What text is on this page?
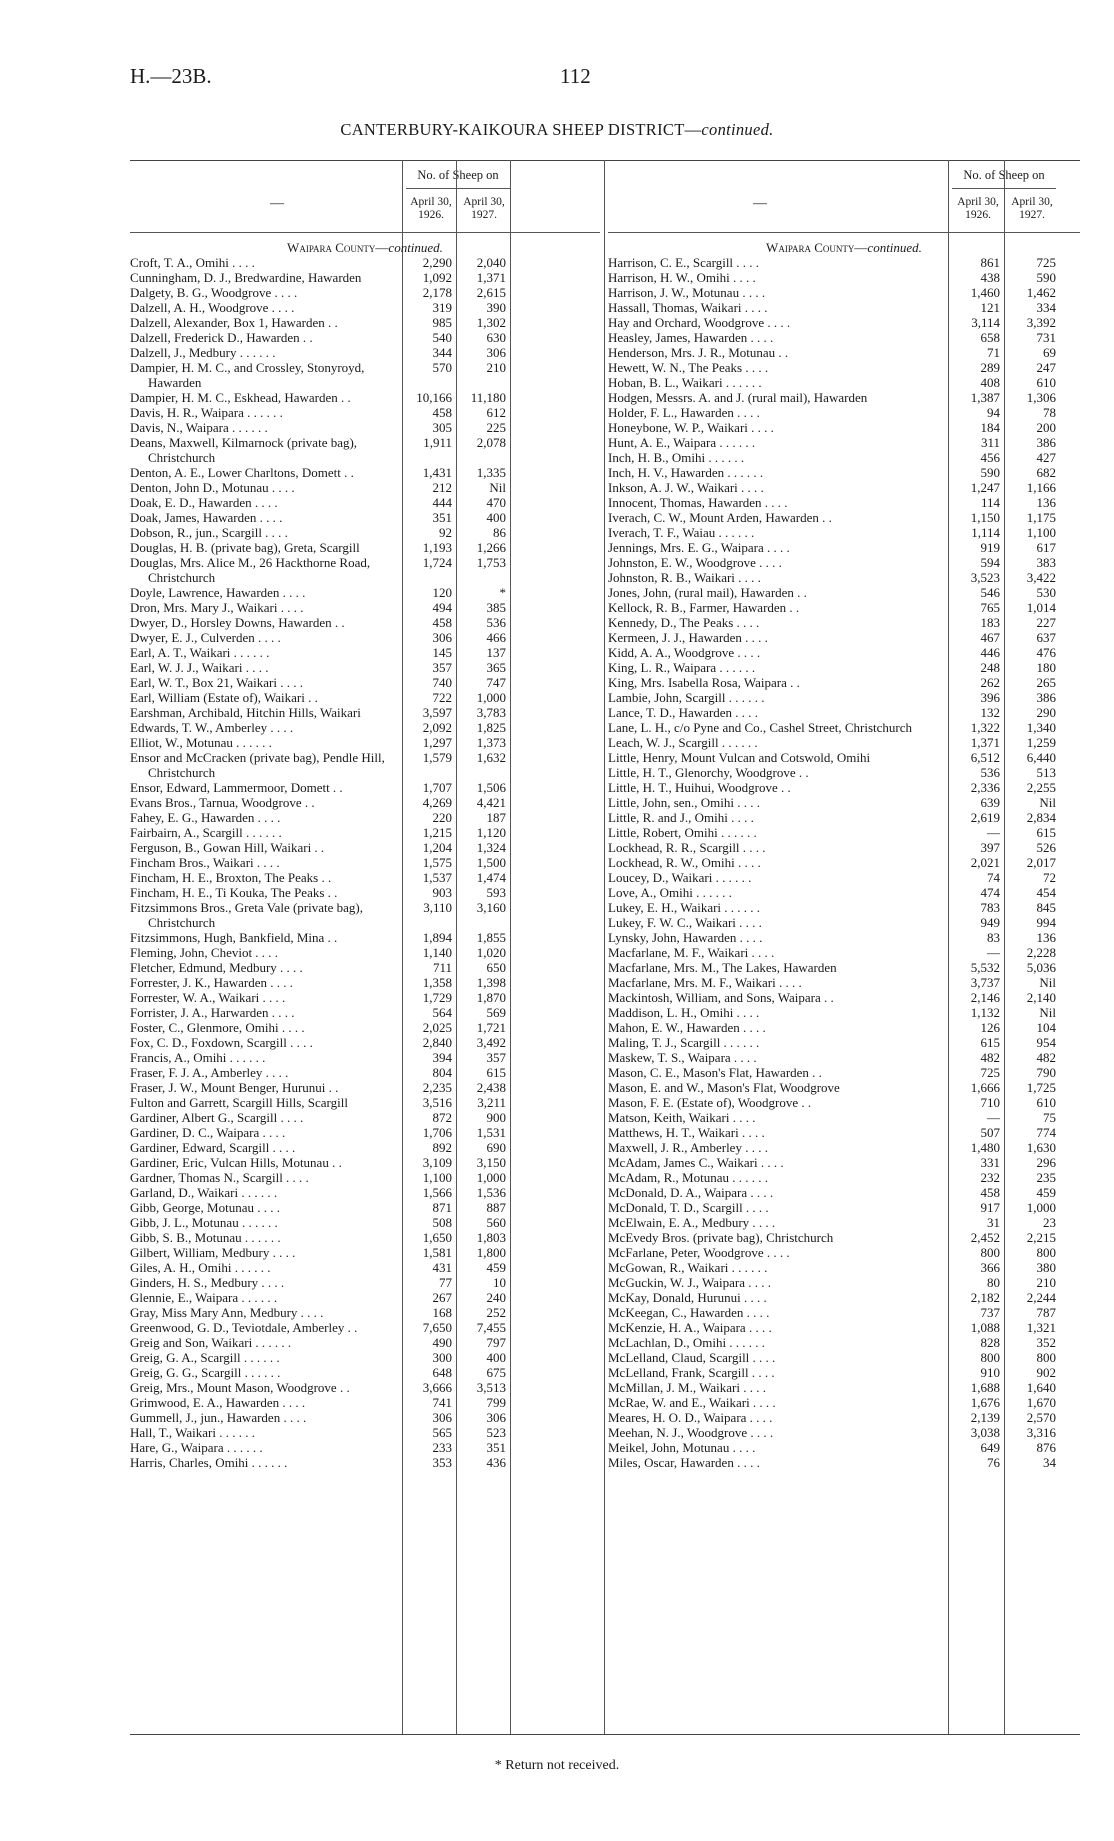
H.—23B.	112
CANTERBURY-KAIKOURA SHEEP DISTRICT—continued.
—
No. of Sheep on
April 30, 1926.
April 30, 1927.
Waipara County—continued.
Croft, T. A., Omihi . . . .	2,290	2,040
Cunningham, D. J., Bredwardine, Hawarden	1,092	1,371
Dalgety, B. G., Woodgrove . . . .	2,178	2,615
Dalzell, A. H., Woodgrove . . . .	319	390
Dalzell, Alexander, Box 1, Hawarden . .	985	1,302
Dalzell, Frederick D., Hawarden . .	540	630
Dalzell, J., Medbury . . . . . .	344	306
Dampier, H. M. C., and Crossley, Stonyroyd, Hawarden
570	210
Dampier, H. M. C., Eskhead, Hawarden . .	10,166	11,180
Davis, H. R., Waipara . . . . . .	458	612
Davis, N., Waipara . . . . . .	305	225
Deans, Maxwell, Kilmarnock (private bag), Christchurch
1,911	2,078
Denton, A. E., Lower Charltons, Domett . .	1,431	1,335
Denton, John D., Motunau . . . .	212	Nil
Doak, E. D., Hawarden . . . .	444	470
Doak, James, Hawarden . . . .	351	400
Dobson, R., jun., Scargill . . . .	92	86
Douglas, H. B. (private bag), Greta, Scargill	1,193	1,266
Douglas, Mrs. Alice M., 26 Hackthorne Road, Christchurch
1,724	1,753
Doyle, Lawrence, Hawarden . . . .	120	*
Dron, Mrs. Mary J., Waikari . . . .	494	385
Dwyer, D., Horsley Downs, Hawarden . .	458	536
Dwyer, E. J., Culverden . . . .	306	466
Earl, A. T., Waikari . . . . . .	145	137
Earl, W. J. J., Waikari . . . .	357	365
Earl, W. T., Box 21, Waikari . . . .	740	747
Earl, William (Estate of), Waikari . .	722	1,000
Earshman, Archibald, Hitchin Hills, Waikari	3,597	3,783
Edwards, T. W., Amberley . . . .	2,092	1,825
Elliot, W., Motunau . . . . . .	1,297	1,373
Ensor and McCracken (private bag), Pendle Hill, Christchurch
1,579	1,632
Ensor, Edward, Lammermoor, Domett . .	1,707	1,506
Evans Bros., Tarnua, Woodgrove . .	4,269	4,421
Fahey, E. G., Hawarden . . . .	220	187
Fairbairn, A., Scargill . . . . . .	1,215	1,120
Ferguson, B., Gowan Hill, Waikari . .	1,204	1,324
Fincham Bros., Waikari . . . .	1,575	1,500
Fincham, H. E., Broxton, The Peaks . .	1,537	1,474
Fincham, H. E., Ti Kouka, The Peaks . .	903	593
Fitzsimmons Bros., Greta Vale (private bag), Christchurch
3,110	3,160
Fitzsimmons, Hugh, Bankfield, Mina . .	1,894	1,855
Fleming, John, Cheviot . . . .	1,140	1,020
Fletcher, Edmund, Medbury . . . .	711	650
Forrester, J. K., Hawarden . . . .	1,358	1,398
Forrester, W. A., Waikari . . . .	1,729	1,870
Forrister, J. A., Harwarden . . . .	564	569
Foster, C., Glenmore, Omihi . . . .	2,025	1,721
Fox, C. D., Foxdown, Scargill . . . .	2,840	3,492
Francis, A., Omihi . . . . . .	394	357
Fraser, F. J. A., Amberley . . . .	804	615
Fraser, J. W., Mount Benger, Hurunui . .	2,235	2,438
Fulton and Garrett, Scargill Hills, Scargill	3,516	3,211
Gardiner, Albert G., Scargill . . . .	872	900
Gardiner, D. C., Waipara . . . .	1,706	1,531
Gardiner, Edward, Scargill . . . .	892	690
Gardiner, Eric, Vulcan Hills, Motunau . .	3,109	3,150
Gardner, Thomas N., Scargill . . . .	1,100	1,000
Garland, D., Waikari . . . . . .	1,566	1,536
Gibb, George, Motunau . . . .	871	887
Gibb, J. L., Motunau . . . . . .	508	560
Gibb, S. B., Motunau . . . . . .	1,650	1,803
Gilbert, William, Medbury . . . .	1,581	1,800
Giles, A. H., Omihi . . . . . .	431	459
Ginders, H. S., Medbury . . . .	77	10
Glennie, E., Waipara . . . . . .	267	240
Gray, Miss Mary Ann, Medbury . . . .	168	252
Greenwood, G. D., Teviotdale, Amberley . .	7,650	7,455
Greig and Son, Waikari . . . . . .	490	797
Greig, G. A., Scargill . . . . . .	300	400
Greig, G. G., Scargill . . . . . .	648	675
Greig, Mrs., Mount Mason, Woodgrove . .	3,666	3,513
Grimwood, E. A., Hawarden . . . .	741	799
Gummell, J., jun., Hawarden . . . .	306	306
Hall, T., Waikari . . . . . .	565	523
Hare, G., Waipara . . . . . .	233	351
Harris, Charles, Omihi . . . . . .	353	436
—
No. of Sheep on
April 30, 1926.
April 30, 1927.
Waipara County—continued.
Harrison, C. E., Scargill . . . .	861	725
Harrison, H. W., Omihi . . . .	438	590
Harrison, J. W., Motunau . . . .	1,460	1,462
Hassall, Thomas, Waikari . . . .	121	334
Hay and Orchard, Woodgrove . . . .	3,114	3,392
Heasley, James, Hawarden . . . .	658	731
Henderson, Mrs. J. R., Motunau . .	71	69
Hewett, W. N., The Peaks . . . .	289	247
Hoban, B. L., Waikari . . . . . .	408	610
Hodgen, Messrs. A. and J. (rural mail), Hawarden	1,387	1,306
Holder, F. L., Hawarden . . . .	94	78
Honeybone, W. P., Waikari . . . .	184	200
Hunt, A. E., Waipara . . . . . .	311	386
Inch, H. B., Omihi . . . . . .	456	427
Inch, H. V., Hawarden . . . . . .	590	682
Inkson, A. J. W., Waikari . . . .	1,247	1,166
Innocent, Thomas, Hawarden . . . .	114	136
Iverach, C. W., Mount Arden, Hawarden . .	1,150	1,175
Iverach, T. F., Waiau . . . . . .	1,114	1,100
Jennings, Mrs. E. G., Waipara . . . .	919	617
Johnston, E. W., Woodgrove . . . .	594	383
Johnston, R. B., Waikari . . . .	3,523	3,422
Jones, John, (rural mail), Hawarden . .	546	530
Kellock, R. B., Farmer, Hawarden . .	765	1,014
Kennedy, D., The Peaks . . . .	183	227
Kermeen, J. J., Hawarden . . . .	467	637
Kidd, A. A., Woodgrove . . . .	446	476
King, L. R., Waipara . . . . . .	248	180
King, Mrs. Isabella Rosa, Waipara . .	262	265
Lambie, John, Scargill . . . . . .	396	386
Lance, T. D., Hawarden . . . .	132	290
Lane, L. H., c/o Pyne and Co., Cashel Street, Christchurch	1,322	1,340
Leach, W. J., Scargill . . . . . .	1,371	1,259
Little, Henry, Mount Vulcan and Cotswold, Omihi	6,512	6,440
Little, H. T., Glenorchy, Woodgrove . .	536	513
Little, H. T., Huihui, Woodgrove . .	2,336	2,255
Little, John, sen., Omihi . . . .	639	Nil
Little, R. and J., Omihi . . . .	2,619	2,834
Little, Robert, Omihi . . . . . .	—	615
Lockhead, R. R., Scargill . . . .	397	526
Lockhead, R. W., Omihi . . . .	2,021	2,017
Loucey, D., Waikari . . . . . .	74	72
Love, A., Omihi . . . . . .	474	454
Lukey, E. H., Waikari . . . . . .	783	845
Lukey, F. W. C., Waikari . . . .	949	994
Lynsky, John, Hawarden . . . .	83	136
Macfarlane, M. F., Waikari . . . .	—	2,228
Macfarlane, Mrs. M., The Lakes, Hawarden	5,532	5,036
Macfarlane, Mrs. M. F., Waikari . . . .	3,737	Nil
Mackintosh, William, and Sons, Waipara . .	2,146	2,140
Maddison, L. H., Omihi . . . .	1,132	Nil
Mahon, E. W., Hawarden . . . .	126	104
Maling, T. J., Scargill . . . . . .	615	954
Maskew, T. S., Waipara . . . .	482	482
Mason, C. E., Mason's Flat, Hawarden . .	725	790
Mason, E. and W., Mason's Flat, Woodgrove	1,666	1,725
Mason, F. E. (Estate of), Woodgrove . .	710	610
Matson, Keith, Waikari . . . .	—	75
Matthews, H. T., Waikari . . . .	507	774
Maxwell, J. R., Amberley . . . .	1,480	1,630
McAdam, James C., Waikari . . . .	331	296
McAdam, R., Motunau . . . . . .	232	235
McDonald, D. A., Waipara . . . .	458	459
McDonald, T. D., Scargill . . . .	917	1,000
McElwain, E. A., Medbury . . . .	31	23
McEvedy Bros. (private bag), Christchurch	2,452	2,215
McFarlane, Peter, Woodgrove . . . .	800	800
McGowan, R., Waikari . . . . . .	366	380
McGuckin, W. J., Waipara . . . .	80	210
McKay, Donald, Hurunui . . . .	2,182	2,244
McKeegan, C., Hawarden . . . .	737	787
McKenzie, H. A., Waipara . . . .	1,088	1,321
McLachlan, D., Omihi . . . . . .	828	352
McLelland, Claud, Scargill . . . .	800	800
McLelland, Frank, Scargill . . . .	910	902
McMillan, J. M., Waikari . . . .	1,688	1,640
McRae, W. and E., Waikari . . . .	1,676	1,670
Meares, H. O. D., Waipara . . . .	2,139	2,570
Meehan, N. J., Woodgrove . . . .	3,038	3,316
Meikel, John, Motunau . . . .	649	876
Miles, Oscar, Hawarden . . . .	76	34
* Return not received.
